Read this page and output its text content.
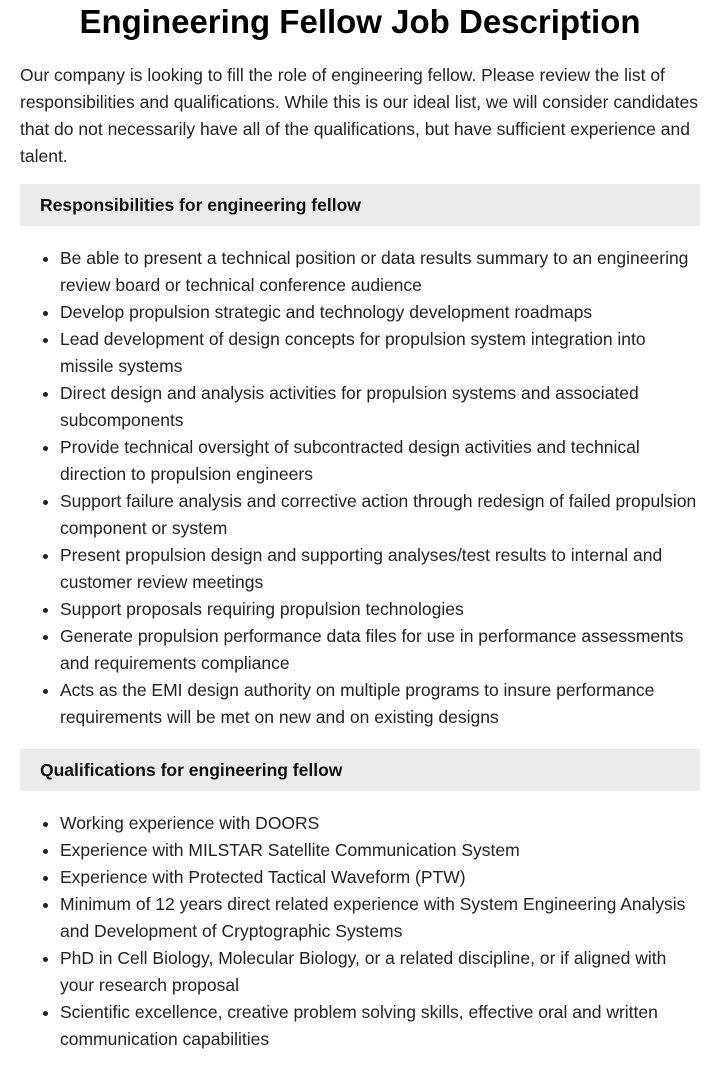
Engineering Fellow Job Description

Our company is looking to fill the role of engineering fellow. Please review the list of responsibilities and qualifications. While this is our ideal list, we will consider candidates that do not necessarily have all of the qualifications, but have sufficient experience and talent.

Responsibilities for engineering fellow
• Be able to present a technical position or data results summary to an engineering review board or technical conference audience
• Develop propulsion strategic and technology development roadmaps
• Lead development of design concepts for propulsion system integration into missile systems
• Direct design and analysis activities for propulsion systems and associated subcomponents
• Provide technical oversight of subcontracted design activities and technical direction to propulsion engineers
• Support failure analysis and corrective action through redesign of failed propulsion component or system
• Present propulsion design and supporting analyses/test results to internal and customer review meetings
• Support proposals requiring propulsion technologies
• Generate propulsion performance data files for use in performance assessments and requirements compliance
• Acts as the EMI design authority on multiple programs to insure performance requirements will be met on new and on existing designs
Qualifications for engineering fellow
• Working experience with DOORS
• Experience with MILSTAR Satellite Communication System
• Experience with Protected Tactical Waveform (PTW)
• Minimum of 12 years direct related experience with System Engineering Analysis and Development of Cryptographic Systems
• PhD in Cell Biology, Molecular Biology, or a related discipline, or if aligned with your research proposal
• Scientific excellence, creative problem solving skills, effective oral and written communication capabilities
